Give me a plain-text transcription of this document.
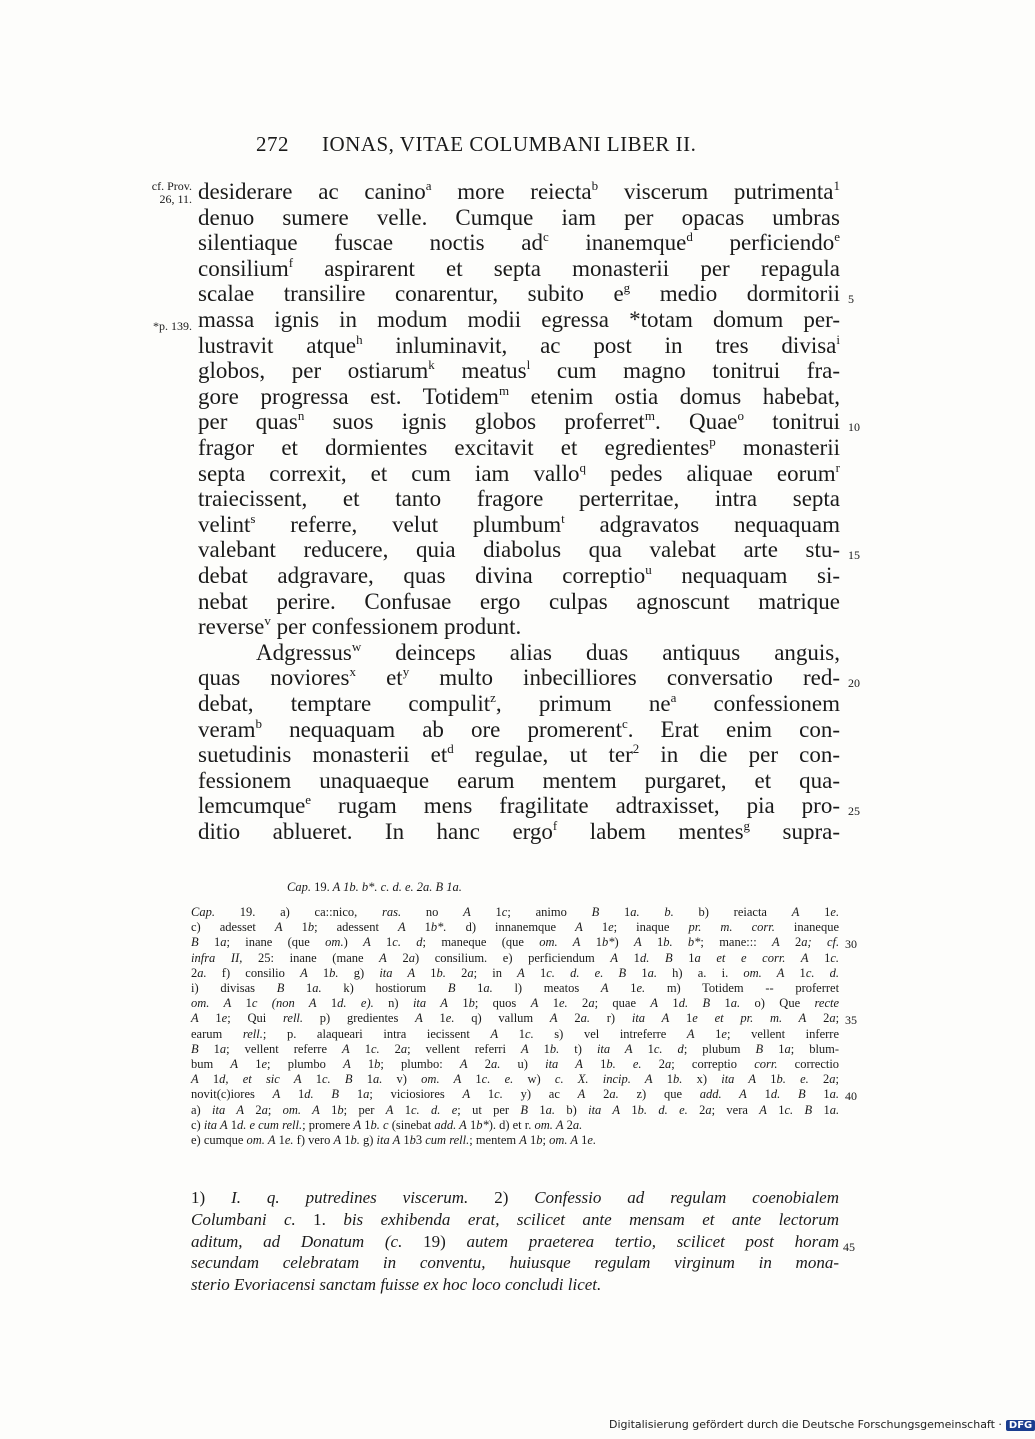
272 IONAS, VITAE COLUMBANI LIBER II.
cf. Prov.
26, 11.
*p. 139.
desiderare ac canino$^a$ more reiecta$^b$ viscerum putrimenta$^1$
denuo sumere velle. Cumque iam per opacas umbras
silentiaque fuscae noctis $ad^c$ inanemque$^d$ perficiendo$^e$
consilium$^f$ aspirarent et septa monasterii per repagula
scalae transilire conarentur, subito $e^g$ medio dormitorii
massa ignis in modum modii egressa *totam domum per-
lustravit atque$^h$ inluminavit, ac post in tres divisa$^i$
globos, per ostiarum$^k$ meatus$^l$ cum magno tonitrui fra-
gore progressa est. Totidem$^m$ etenim ostia domus habebat,
per quas$^n$ suos ignis globos proferret$^m$. Quae$^o$ tonitrui
fragor et dormientes excitavit et egredientes$^p$ monasterii
septa correxit, et cum iam vallo$^q$ pedes aliquae eorum$^r$
traiecissent, et tanto fragore perterritae, intra septa
velint$^s$ referre, velut plumbum$^t$ adgravatos nequaquam
valebant reducere, quia diabolus qua valebat arte stu-
debat adgravare, quas divina correptio$^u$ nequaquam si-
nebat perire. Confusae ergo culpas agnoscunt matrique
reverse$^v$ per confessionem produnt.
Adgressus$^w$ deinceps alias duas antiquus anguis,
quas noviores$^x$ $et^y$ multo inbecilliores conversatio red-
debat, temptare compulit$^z$, primum $ne^a$ confessionem
veram$^b$ nequaquam ab ore promerent$^c$. Erat enim con-
suetudinis monasterii $et^d$ regulae, ut ter$^2$ in die per con-
fessionem unaquaeque earum mentem purgaret, et qua-
lemcumque$^e$ rugam mens fragilitate adtraxisset, pia pro-
ditio ablueret. In hanc ergo$^f$ labem mentes$^g$ supra-
5
10
15
20
25
Cap. 19. A 1b. b*. c. d. e. 2a. B 1a.
Cap. 19. a) ca::nico, ras. no A 1c; animo B 1a. b. b) reiacta A 1e.
c) adesset A 1b; adessent A 1b*. d) innanemque A 1e; inaque pr. m. corr. inaneque
B 1a; inane (que om.) A 1c. d; maneque (que om. A 1b*) A 1b. b*; mane::: A 2a; cf.
infra II, 25: inane (mane A 2a) consilium. e) perficiendum A 1d. B 1a et e corr. A 1c.
2a. f) consilio A 1b. g) ita A 1b. 2a; in A 1c. d. e. B 1a. h) a. i. om. A 1c. d.
i) divisas B 1a. k) hostiorum B 1a. l) meatos A 1e. m) Totidem -- proferret
om. A 1c (non A 1d. e). n) ita A 1b; quos A 1e. 2a; quae A 1d. B 1a. o) Que recte
A 1e; Qui rell. p) gredientes A 1e. q) vallum A 2a. r) ita A 1e et pr. m. A 2a;
earum rell.; p. alaqueari intra iecissent A 1c. s) vel intreferre A 1e; vellent inferre
B 1a; vellent referre A 1c. 2a; vellent referri A 1b. t) ita A 1c. d; plubum B 1a; blum-
bum A 1e; plumbo A 1b; plumbo: A 2a. u) ita A 1b. e. 2a; correptio corr. correctio
A 1d, et sic A 1c. B 1a. v) om. A 1c. e. w) c. X. incip. A 1b. x) ita A 1b. e. 2a;
novit(c)iores A 1d. B 1a; viciosiores A 1c. y) ac A 2a. z) que add. A 1d. B 1a.
a) ita A 2a; om. A 1b; per A 1c. d. e; ut per B 1a. b) ita A 1b. d. e. 2a; vera A 1c. B 1a.
c) ita A 1d. e cum rell.; promere A 1b. c (sinebat add. A 1b*). d) et r. om. A 2a.
e) cumque om. A 1e. f) vero A 1b. g) ita A 1b3 cum rell.; mentem A 1b; om. A 1e.
30
35
40
1) I. q. putredines viscerum. 2) Confessio ad regulam coenobialem
Columbani c. 1. bis exhibenda erat, scilicet ante mensam et ante lectorum
aditum, ad Donatum (c. 19) autem praeterea tertio, scilicet post horam
secundam celebratam in conventu, huiusque regulam virginum in mona-
sterio Evoriacensi sanctam fuisse ex hoc loco concludi licet.
45
Digitalisierung gefördert durch die Deutsche Forschungsgemeinschaft · DFG
